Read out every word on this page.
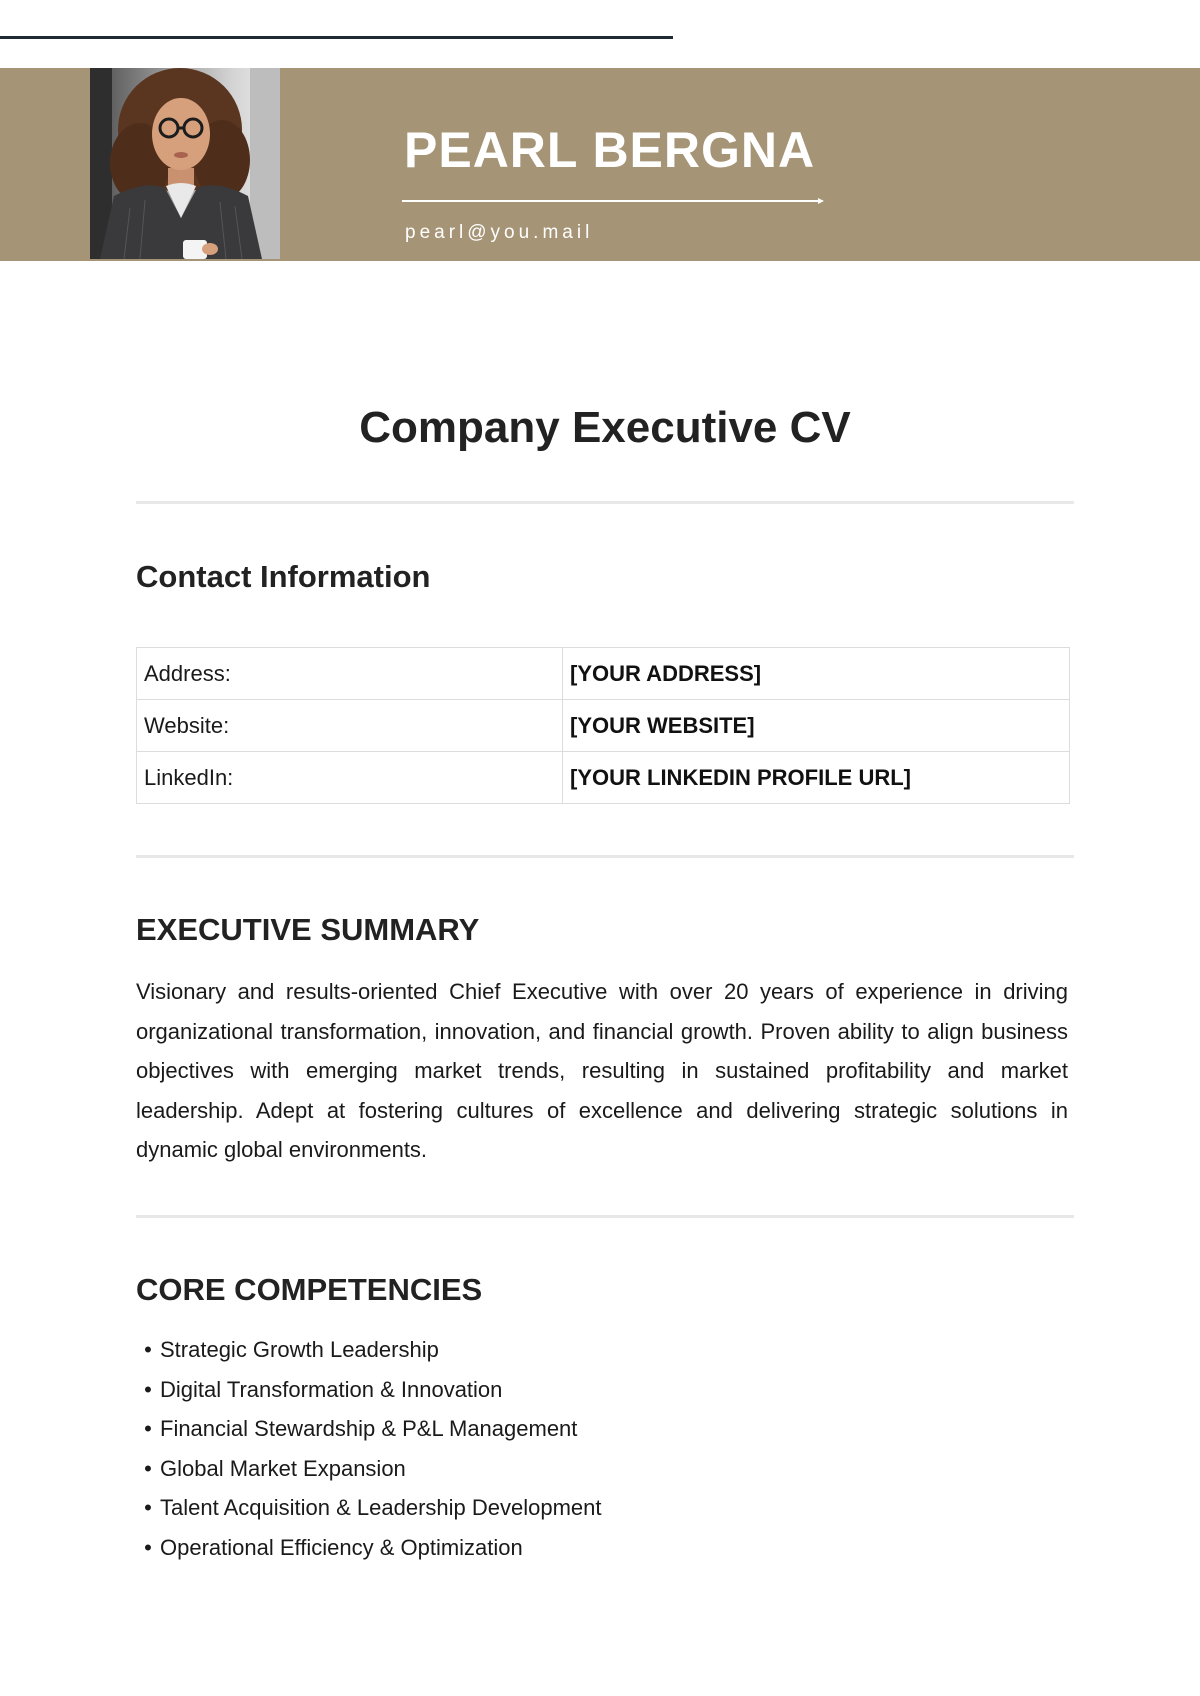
PEARL BERGNA
pearl@you.mail
Company Executive CV
Contact Information
Address:	[YOUR ADDRESS]
Website:	[YOUR WEBSITE]
LinkedIn:	[YOUR LINKEDIN PROFILE URL]
EXECUTIVE SUMMARY

Visionary and results-oriented Chief Executive with over 20 years of experience in driving organizational transformation, innovation, and financial growth. Proven ability to align business objectives with emerging market trends, resulting in sustained profitability and market leadership. Adept at fostering cultures of excellence and delivering strategic solutions in dynamic global environments.

CORE COMPETENCIES
• Strategic Growth Leadership
• Digital Transformation & Innovation
• Financial Stewardship & P&L Management
• Global Market Expansion
• Talent Acquisition & Leadership Development
• Operational Efficiency & Optimization
